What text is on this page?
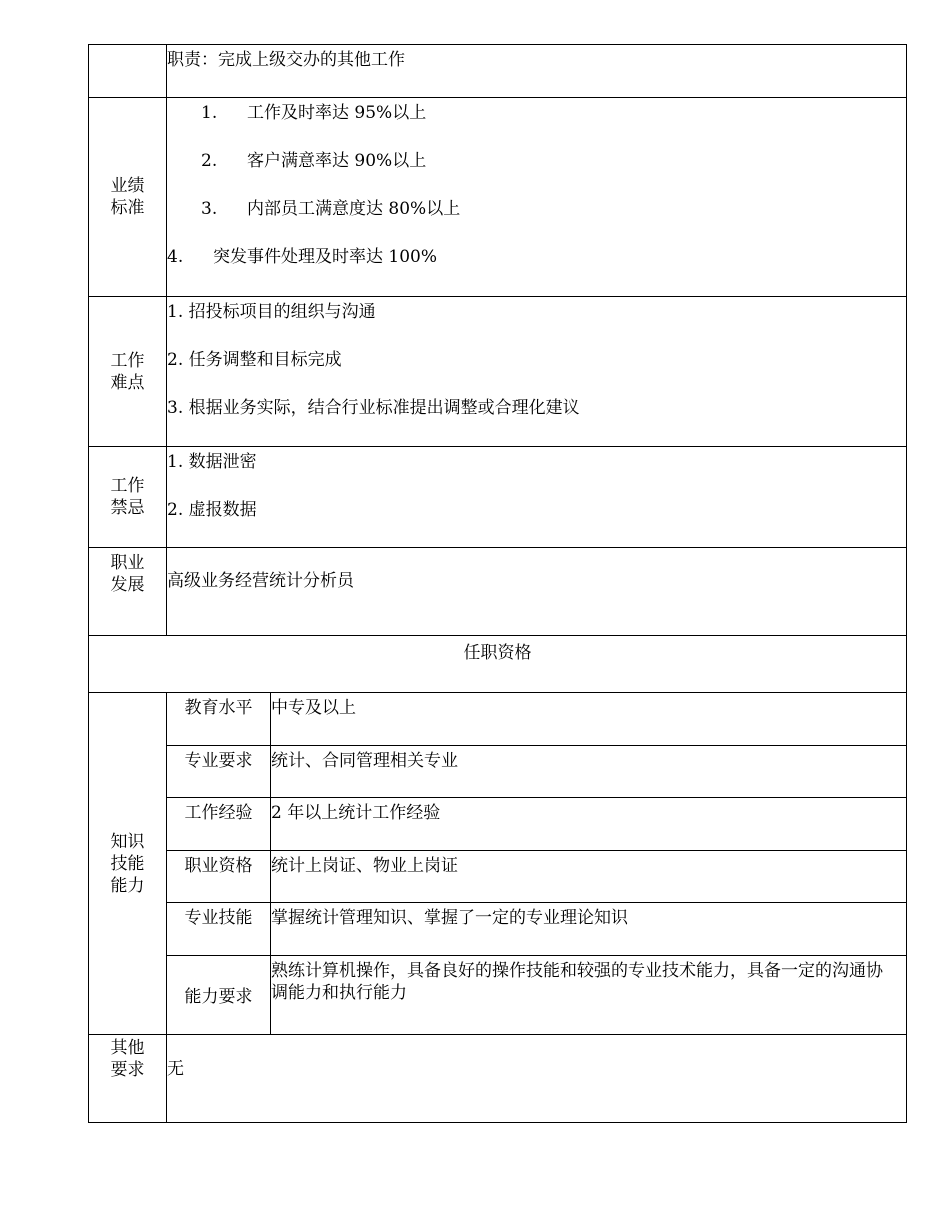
	职责：完成上级交办的其他工作	

业绩
标准	1. 工作及时率达 95%以上
2. 客户满意率达 90%以上
3. 内部员工满意度达 80%以上
4. 突发事件处理及时率达 100%	

工作
难点	1. 招投标项目的组织与沟通
2. 任务调整和目标完成
3. 根据业务实际，结合行业标准提出调整或合理化建议	

工作
禁忌	1. 数据泄密
2. 虚报数据	

职业
发展	高级业务经营统计分析员	

任职资格		

知识
技能
能力	教育水平	中专及以上
	专业要求	统计、合同管理相关专业
	工作经验	2 年以上统计工作经验
	职业资格	统计上岗证、物业上岗证
	专业技能	掌握统计管理知识、掌握了一定的专业理论知识
	能力要求	熟练计算机操作，具备良好的操作技能和较强的专业技术能力，具备一定的沟通协调能力和执行能力

其他
要求	无	
